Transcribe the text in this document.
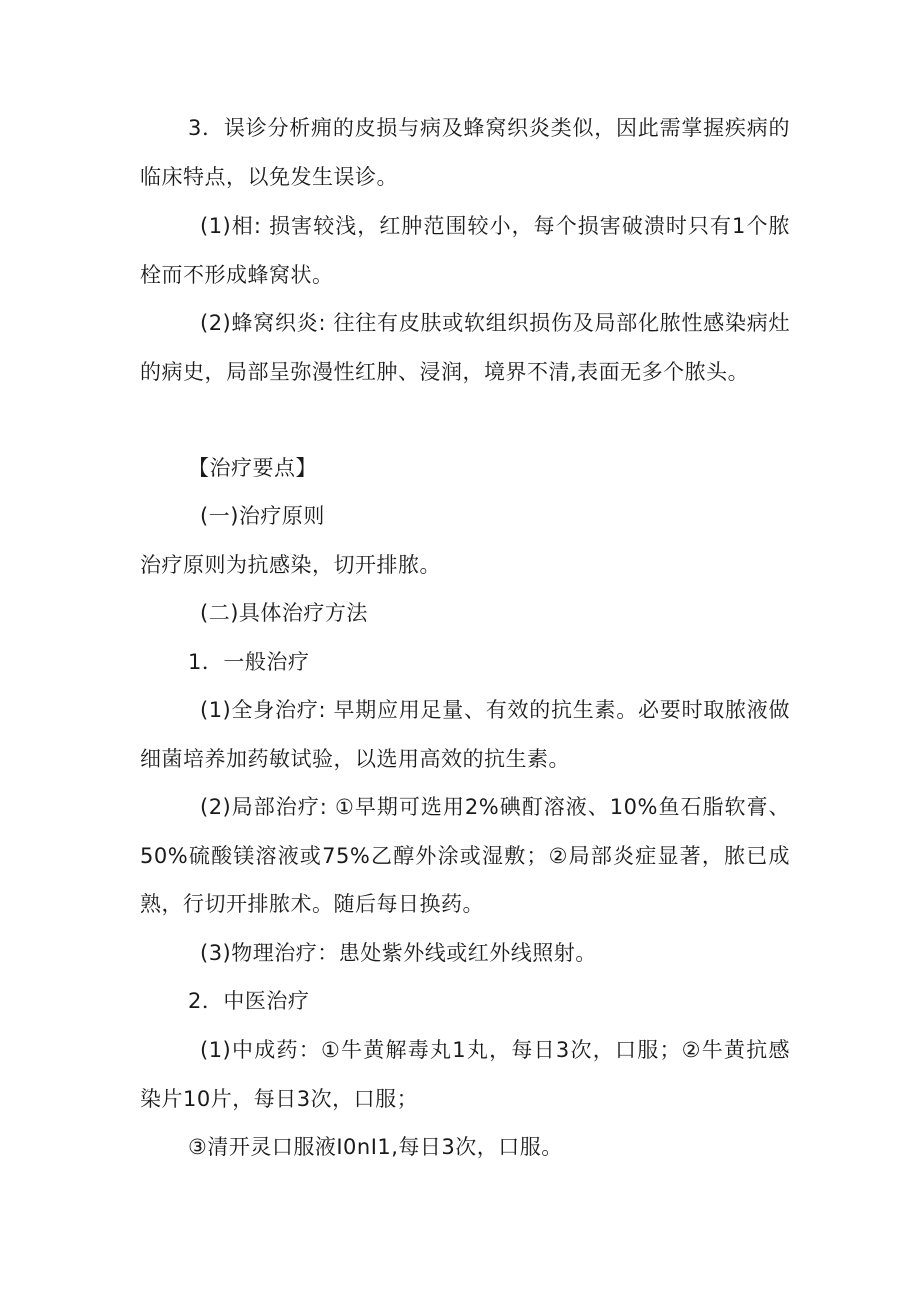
3．误诊分析痈的皮损与病及蜂窝织炎类似，因此需掌握疾病的临床特点，以免发生误诊。

(1)相: 损害较浅，红肿范围较小，每个损害破溃时只有1个脓栓而不形成蜂窝状。

(2)蜂窝织炎: 往往有皮肤或软组织损伤及局部化脓性感染病灶的病史，局部呈弥漫性红肿、浸润，境界不清,表面无多个脓头。

【治疗要点】

(一)治疗原则

治疗原则为抗感染，切开排脓。

(二)具体治疗方法

1．一般治疗

(1)全身治疗: 早期应用足量、有效的抗生素。必要时取脓液做细菌培养加药敏试验，以选用高效的抗生素。

(2)局部治疗: ①早期可选用2%碘酊溶液、10%鱼石脂软膏、50%硫酸镁溶液或75%乙醇外涂或湿敷；②局部炎症显著，脓已成熟，行切开排脓术。随后每日换药。

(3)物理治疗：患处紫外线或红外线照射。

2．中医治疗

(1)中成药：①牛黄解毒丸1丸，每日3次，口服；②牛黄抗感染片10片，每日3次，口服；

③清开灵口服液I0nI1,每日3次，口服。
